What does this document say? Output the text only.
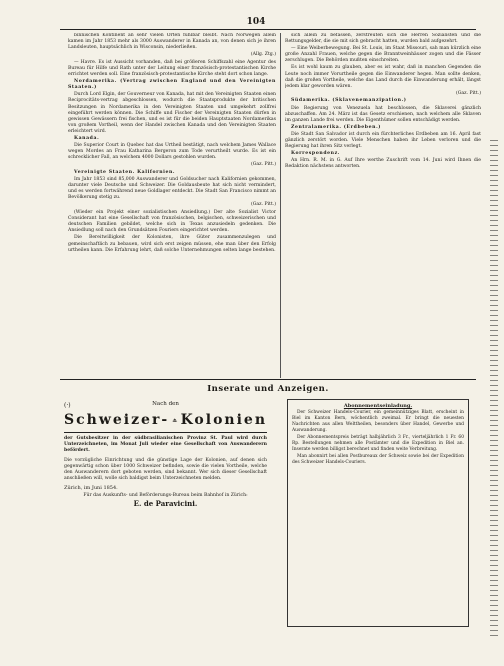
104

binnischen Kontinent an sehr vielen Orten fühlbar bleibt. Nach Norwegen allein kamen im Jahr 1853 mehr als 3000 Auswanderer in Kanada an, von denen sich je ihren Landsleuten, hauptsächlich in Wisconsin, niederließen.

(Allg. Ztg.)

— Havre. Es ist Aussicht vorhanden, daß bei größeren Schiffszahl eine Agentur des Bureau für Hilfe und Rath unter der Leitung einer französisch-protestantischen Kirche errichtet werden soll. Eine französisch-protestantische Kirche steht dort schon lange.

Nordamerika. (Vertrag zwischen England und den Vereinigten Staaten.)

Durch Lord Elgin, der Gouverneur von Kanada, hat mit den Vereinigten Staaten einen Reciprocitäts-vertrag abgeschlossen, wodurch die Staatsprodukte der britischen Besitzungen in Nordamerika in den Vereinigten Staaten und umgekehrt zollfrei eingeführt werden können. Die Schiffe und Fischer der Vereinigten Staaten dürfen in gewissen Gewässern frei fischen, und es ist für die beiden Hauptstaaten Nordamerikas von großem Vortheil, wenn der Handel zwischen Kanada und den Vereinigten Staaten erleichtert wird.

Kanada.

Die Superior Court in Quebec hat das Urtheil bestätigt, nach welchem James Wallace wegen Mordes an Frau Katharina Bergeron zum Tode verurtheilt wurde. Es ist ein schrecklicher Fall, an welchem 4000 Dollars gestohlen wurden.

(Gaz. Pitt.)

Vereinigte Staaten. Kalifornien.

Im Jahr 1853 sind 85,000 Auswanderer und Goldsucher nach Kalifornien gekommen, darunter viele Deutsche und Schweizer. Die Goldausbeute hat sich nicht vermindert, und es werden fortwährend neue Goldlager entdeckt. Die Stadt San Francisco nimmt an Bevölkerung stetig zu.

(Gaz. Pitt.)

(Wieder ein Projekt einer sozialistischen Ansiedlung.) Der alte Sozialist Victor Considerant hat eine Gesellschaft von französischen, belgischen, schweizerischen und deutschen Familien gebildet, welche sich in Texas anzusiedeln gedenken. Die Ansiedlung soll nach den Grundsätzen Fouriers eingerichtet werden.

Die Bereitwilligkeit der Kolonisten, ihre Güter zusammenzulegen und gemeinschaftlich zu bebauen, wird sich erst zeigen müssen, ehe man über den Erfolg urtheilen kann. Die Erfahrung lehrt, daß solche Unternehmungen selten lange bestehen.

sich allein zu befassen, zerstreuten sich die Herren Sozialisten und die Rettungsgelder, die sie mit sich gebracht hatten, wurden bald aufgezehrt.

— Eine Weiberbewegung. Bei St. Louis, im Staat Missouri, sah man kürzlich eine große Anzahl Frauen, welche gegen die Branntweinhäuser zogen und die Fässer zerschlugen. Die Behörden mußten einschreiten.

Es ist wohl kaum zu glauben, aber es ist wahr, daß in manchen Gegenden die Leute noch immer Vorurtheile gegen die Einwanderer hegen. Man sollte denken, daß die großen Vortheile, welche das Land durch die Einwanderung erhält, längst jedem klar geworden wären.

(Gaz. Pitt.)

Südamerika. (Sklavenemanzipation.)

Die Regierung von Venezuela hat beschlossen, die Sklaverei gänzlich abzuschaffen. Am 24. März ist das Gesetz erschienen, nach welchem alle Sklaven im ganzen Lande frei werden. Die Eigenthümer sollen entschädigt werden.

Zentralamerika. (Erdbeben.)

Die Stadt San Salvador ist durch ein fürchterliches Erdbeben am 16. April fast gänzlich zerstört worden. Viele Menschen haben ihr Leben verloren und die Regierung hat ihren Sitz verlegt.

Korrespondenz.

An Hrn. R. M. in G. Auf Ihre werthe Zuschrift vom 14. Juni wird Ihnen die Redaktion nächstens antworten.

Inserate und Anzeigen.
(·)	Nach den
Schweizer- Kolonien
der Gutsbesitzer in der südbrasilianischen Provinz St. Paul wird durch Unterzeichneten, im Monat Juli wieder eine Gesellschaft von Auswanderern befördert.
Die vorzügliche Einrichtung und die günstige Lage der Kolonien, auf denen sich gegenwärtig schon über 1000 Schweizer befinden, sowie die vielen Vortheile, welche den Auswanderern dort geboten werden, sind bekannt. Wer sich dieser Gesellschaft anschließen will, wolle sich baldigst beim Unterzeichneten melden.
Zürich, im Juni 1854.
Für das Auskunfts- und Beförderungs-Bureau beim Bahnhof in Zürich:
E. de Paravicini.
Abonnementseinladung.

Der Schweizer Handels-Courier, ein gemeinnütziges Blatt, erscheint in Biel im Kanton Bern, wöchentlich zweimal. Er bringt die neuesten Nachrichten aus allen Welttheilen, besonders über Handel, Gewerbe und Auswanderung.

Der Abonnementspreis beträgt halbjährlich 3 Fr., vierteljährlich 1 Fr. 60 Rp. Bestellungen nehmen alle Postämter und die Expedition in Biel an. Inserate werden billigst berechnet und finden weite Verbreitung.

Man abonnirt bei allen Postbureaux der Schweiz sowie bei der Expedition des Schweizer Handels-Couriers.
